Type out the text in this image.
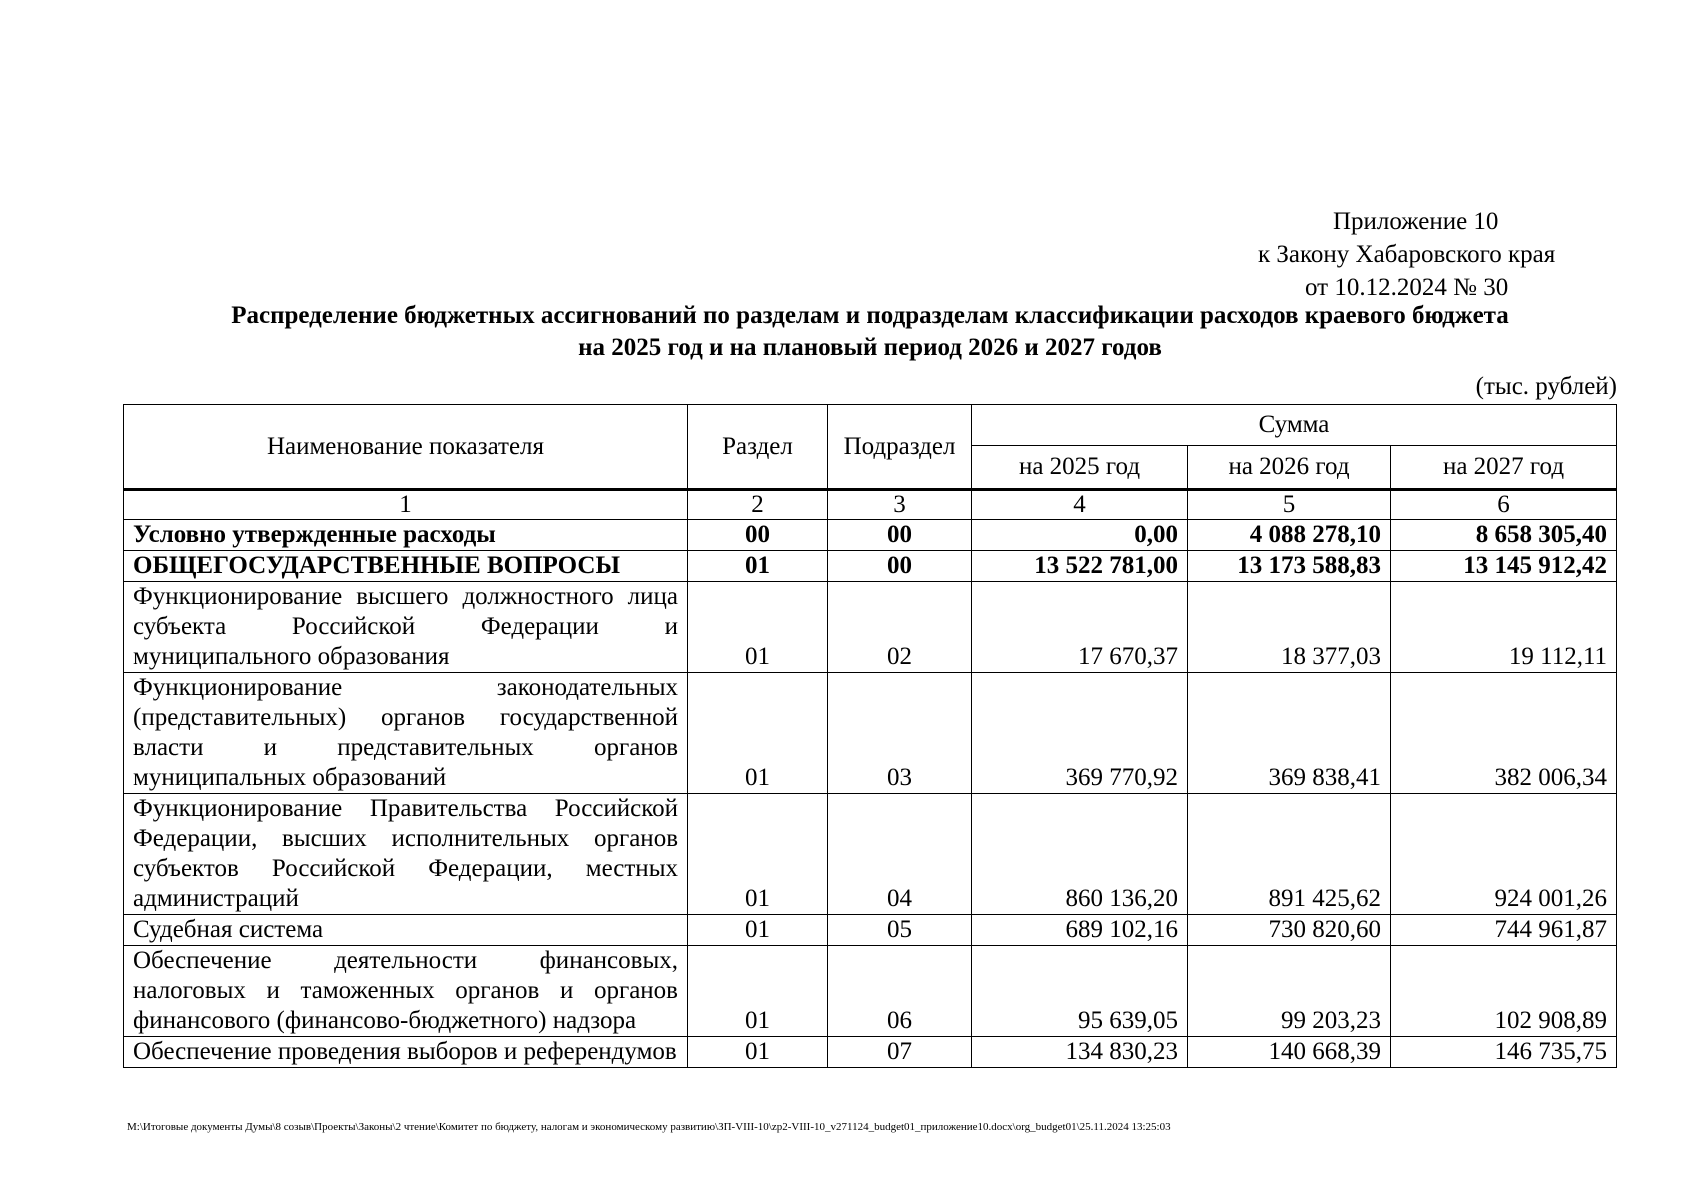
Приложение 10
к Закону Хабаровского края
от 10.12.2024 № 30
Распределение бюджетных ассигнований по разделам и подразделам классификации расходов краевого бюджета
на 2025 год и на плановый период 2026 и 2027 годов
(тыс. рублей)
Наименование показателя	Раздел	Подраздел	Сумма		
			на 2025 год	на 2026 год	на 2027 год
1	2	3	4	5	6
Условно утвержденные расходы	00	00	0,00	4 088 278,10	8 658 305,40
ОБЩЕГОСУДАРСТВЕННЫЕ ВОПРОСЫ	01	00	13 522 781,00	13 173 588,83	13 145 912,42
Функционирование высшего должностного лица субъекта Российской Федерации и муниципального образования	01	02	17 670,37	18 377,03	19 112,11
Функционирование законодательных (представительных) органов государственной власти и представительных органов муниципальных образований	01	03	369 770,92	369 838,41	382 006,34
Функционирование Правительства Российской Федерации, высших исполнительных органов субъектов Российской Федерации, местных администраций	01	04	860 136,20	891 425,62	924 001,26
Судебная система	01	05	689 102,16	730 820,60	744 961,87
Обеспечение деятельности финансовых, налоговых и таможенных органов и органов финансового (финансово-бюджетного) надзора	01	06	95 639,05	99 203,23	102 908,89
Обеспечение проведения выборов и референдумов	01	07	134 830,23	140 668,39	146 735,75
M:\Итоговые документы Думы\8 созыв\Проекты\Законы\2 чтение\Комитет по бюджету, налогам и экономическому развитию\ЗП-VIII-10\zp2-VIII-10_v271124_budget01_приложение10.docx\org_budget01\25.11.2024 13:25:03
